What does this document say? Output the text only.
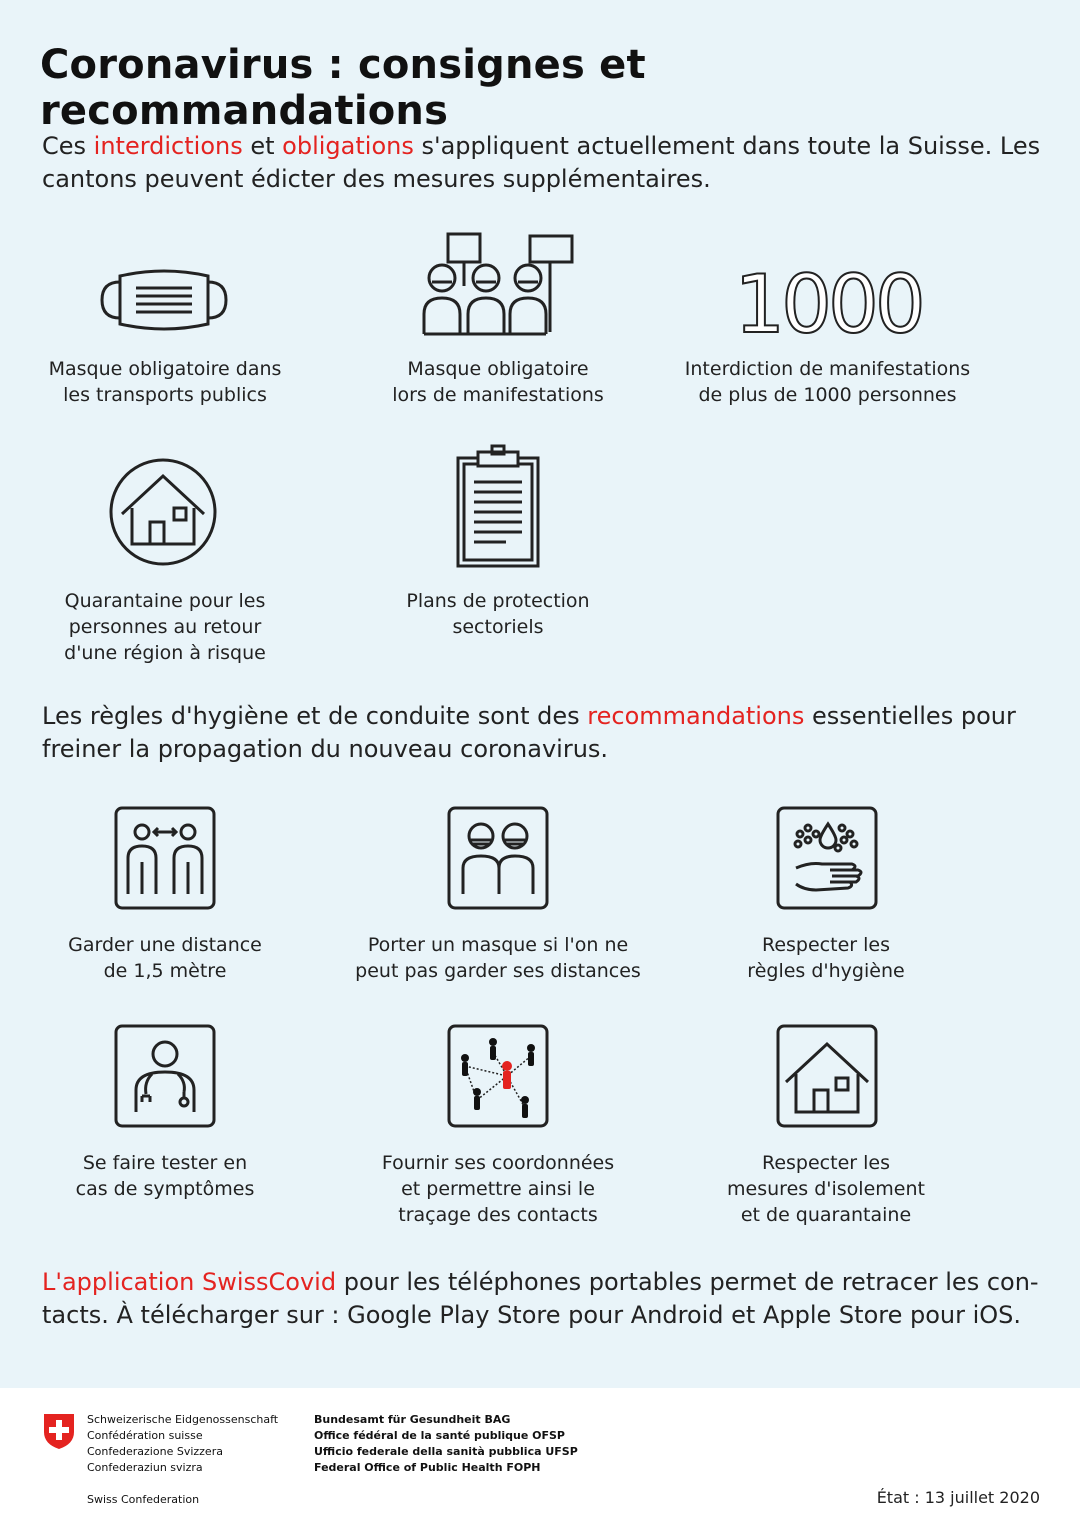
Coronavirus : consignes et recommandations
Ces interdictions et obligations s'appliquent actuellement dans toute la Suisse. Les
cantons peuvent édicter des mesures supplémentaires.
Masque obligatoire dans
les transports publics
Masque obligatoire
lors de manifestations
1000
Interdiction de manifestations
de plus de 1000 personnes
Quarantaine pour les
personnes au retour
d'une région à risque
Plans de protection
sectoriels
Les règles d'hygiène et de conduite sont des recommandations essentielles pour
freiner la propagation du nouveau coronavirus.
Garder une distance
de 1,5 mètre
Porter un masque si l'on ne
peut pas garder ses distances
Respecter les
règles d'hygiène
Se faire tester en
cas de symptômes
Fournir ses coordonnées
et permettre ainsi le
traçage des contacts
Respecter les
mesures d'isolement
et de quarantaine
L'application SwissCovid pour les téléphones portables permet de retracer les con-
tacts. À télécharger sur : Google Play Store pour Android et Apple Store pour iOS.
Schweizerische Eidgenossenschaft
Confédération suisse
Confederazione Svizzera
Confederaziun svizra
Swiss Confederation
Bundesamt für Gesundheit BAG
Office fédéral de la santé publique OFSP
Ufficio federale della sanità pubblica UFSP
Federal Office of Public Health FOPH
État : 13 juillet 2020
